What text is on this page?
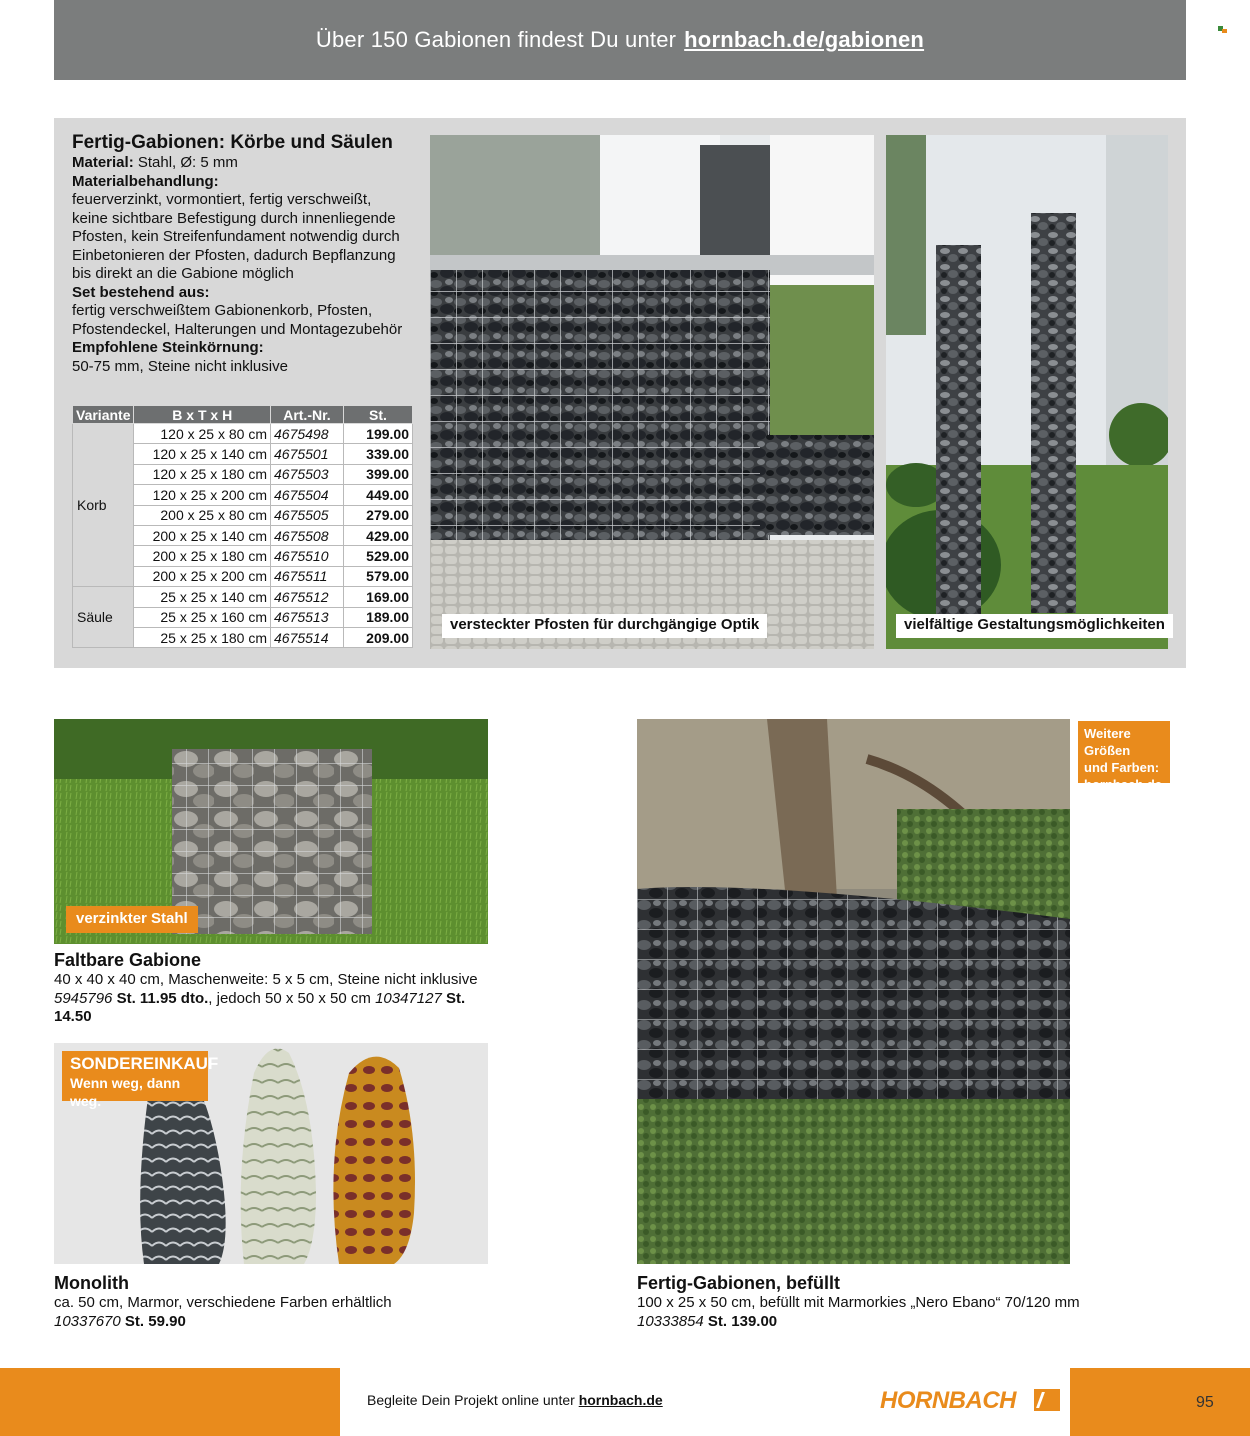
Über 150 Gabionen findest Du unter hornbach.de/gabionen
Fertig-Gabionen: Körbe und Säulen
Material: Stahl, Ø: 5 mm
Materialbehandlung:
feuerverzinkt, vormontiert, fertig verschweißt,
keine sichtbare Befestigung durch innenliegende
Pfosten, kein Streifenfundament notwendig durch
Einbetonieren der Pfosten, dadurch Bepflanzung
bis direkt an die Gabione möglich
Set bestehend aus:
fertig verschweißtem Gabionenkorb, Pfosten,
Pfostendeckel, Halterungen und Montagezubehör
Empfohlene Steinkörnung:
50-75 mm, Steine nicht inklusive
Variante	B x T x H	Art.-Nr.	St.
Korb	120 x 25 x 80 cm	4675498	199.00
	120 x 25 x 140 cm	4675501	339.00
	120 x 25 x 180 cm	4675503	399.00
	120 x 25 x 200 cm	4675504	449.00
	200 x 25 x 80 cm	4675505	279.00
	200 x 25 x 140 cm	4675508	429.00
	200 x 25 x 180 cm	4675510	529.00
	200 x 25 x 200 cm	4675511	579.00
Säule	25 x 25 x 140 cm	4675512	169.00
	25 x 25 x 160 cm	4675513	189.00
	25 x 25 x 180 cm	4675514	209.00
versteckter Pfosten für durchgängige Optik	vielfältige Gestaltungsmöglichkeiten
verzinkter Stahl
Faltbare Gabione
40 x 40 x 40 cm, Maschenweite: 5 x 5 cm, Steine nicht inklusive
5945796 St. 11.95 dto., jedoch 50 x 50 x 50 cm 10347127 St. 14.50
SONDEREINKAUF
Wenn weg, dann weg.
Monolith
ca. 50 cm, Marmor, verschiedene Farben erhältlich
10337670 St. 59.90
Weitere Größen
und Farben:
hornbach.de
Fertig-Gabionen, befüllt
100 x 25 x 50 cm, befüllt mit Marmorkies „Nero Ebano“ 70/120 mm
10333854 St. 139.00
Begleite Dein Projekt online unter hornbach.de	HORNBACH	95
